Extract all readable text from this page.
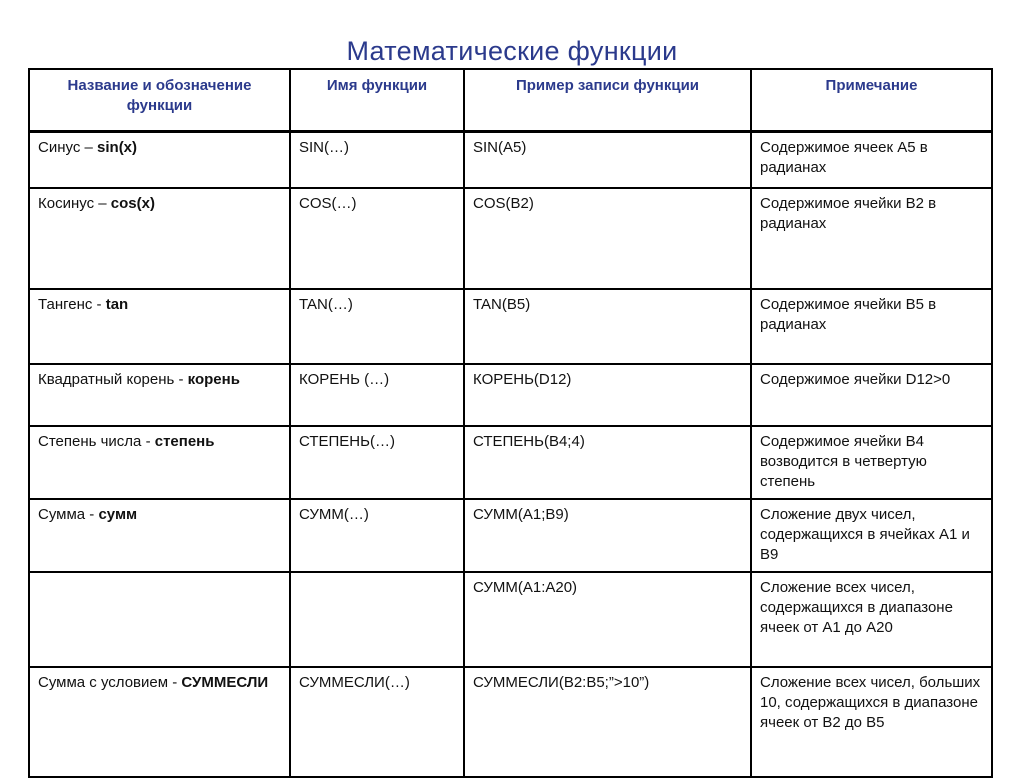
Математические функции
Название и обозначение функции	Имя функции	Пример записи функции	Примечание
Синус – sin(x)	SIN(…)	SIN(A5)	Содержимое ячеек А5 в радианах
Косинус – cos(x)	COS(…)	COS(B2)	Содержимое ячейки В2 в радианах
Тангенс - tan	TAN(…)	TAN(B5)	Содержимое ячейки В5 в радианах
Квадратный корень - корень	КОРЕНЬ (…)	КОРЕНЬ(D12)	Содержимое ячейки D12>0
Степень числа - степень	СТЕПЕНЬ(…)	СТЕПЕНЬ(B4;4)	Содержимое ячейки В4 возводится в четвертую степень
Сумма - сумм	СУММ(…)	СУММ(A1;B9)	Сложение двух чисел, содержащихся в ячейках А1 и В9
		СУММ(A1:A20)	Сложение всех чисел, содержащихся в диапазоне ячеек от А1 до А20
Сумма с условием - СУММЕСЛИ	СУММЕСЛИ(…)	СУММЕСЛИ(B2:B5;”>10”)	Сложение всех чисел, больших 10, содержащихся в диапазоне ячеек от В2 до В5
